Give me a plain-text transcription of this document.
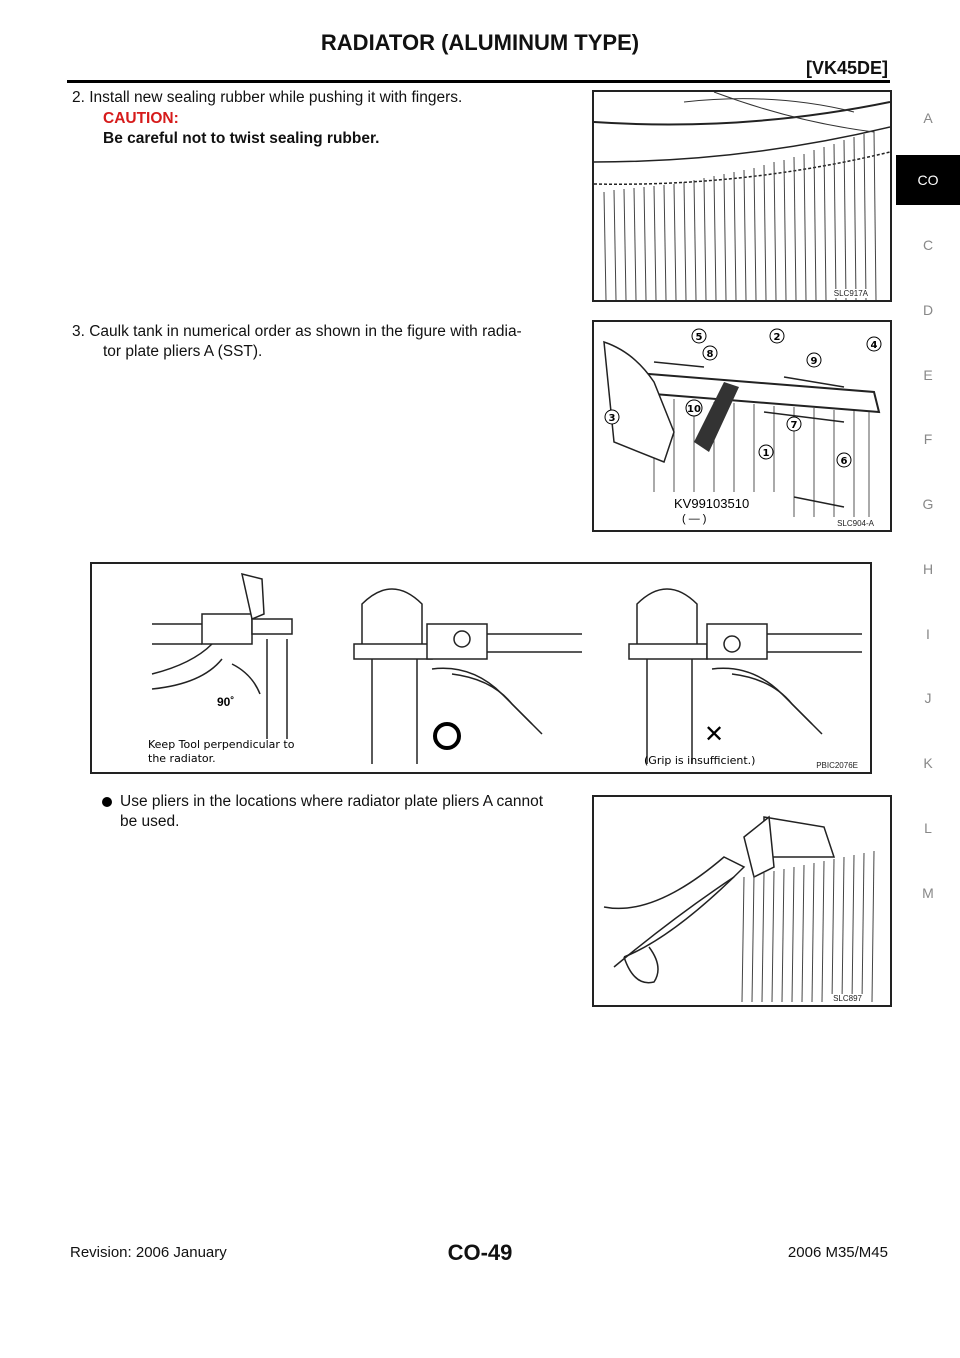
RADIATOR (ALUMINUM TYPE)
[VK45DE]
2. Install new sealing rubber while pushing it with fingers.
CAUTION:
Be careful not to twist sealing rubber.
SLC917A
3. Caulk tank in numerical order as shown in the figure with radia-
tor plate pliers A (SST).
5	2
4
8
9
3
10
7
1
6
KV99103510
( — )	SLC904-A
90˚
Keep Tool perpendicular to
the radiator.
✕
(Grip is insufficient.)	PBIC2076E
Use pliers in the locations where radiator plate pliers A cannot
be used.
SLC897
A
CO
C
D
E
F
G
H
I
J
K
L
M
Revision: 2006 January	CO-49	2006 M35/M45
